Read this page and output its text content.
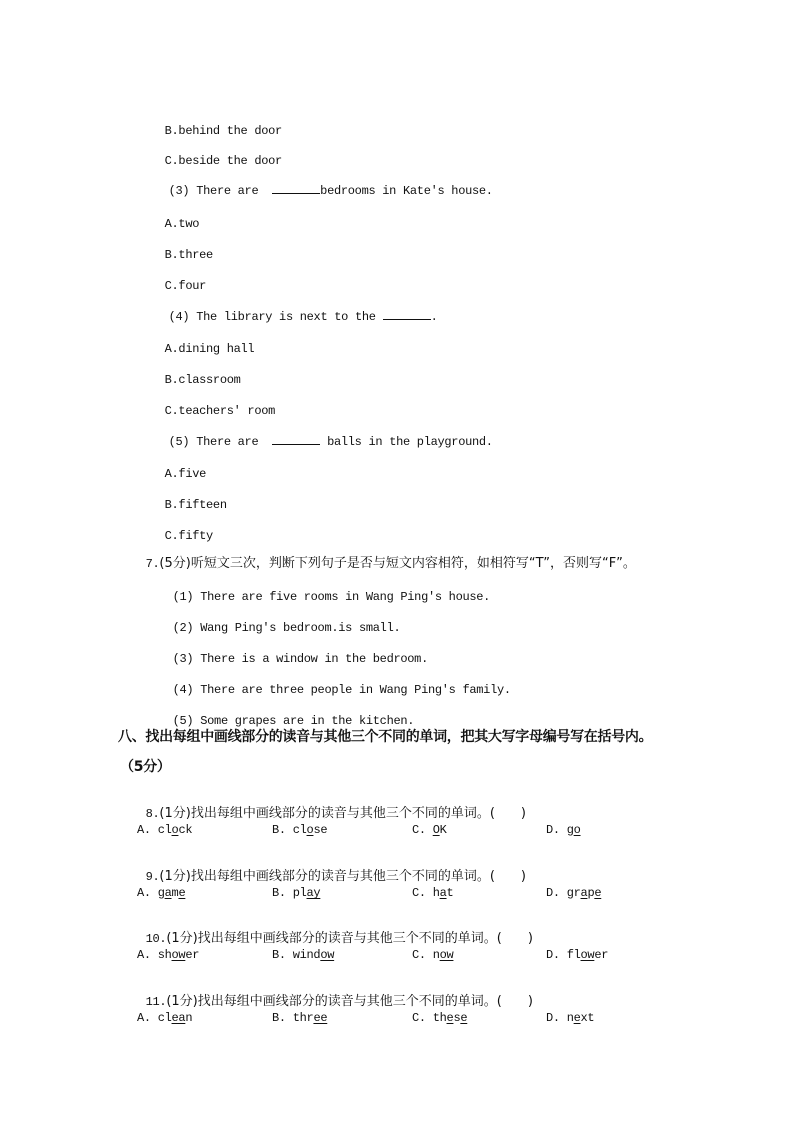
B.behind the door

C.beside the door

(3) There are	bedrooms in Kate's house.

A.two

B.three

C.four

(4) The library is next to the	.

A.dining hall

B.classroom

C.teachers' room

(5) There are	balls in the playground.

A.five

B.fifteen

C.fifty

7.(5分)听短文三次，判断下列句子是否与短文内容相符，如相符写“T”，否则写“F”。

(1) There are five rooms in Wang Ping's house.

(2) Wang Ping's bedroom.is small.

(3) There is a window in the bedroom.

(4) There are three people in Wang Ping's family.

(5) Some grapes are in the kitchen.

八、找出每组中画线部分的读音与其他三个不同的单词，把其大写字母编号写在括号内。
（5分）

8.(1分)找出每组中画线部分的读音与其他三个不同的单词。( )

A. clock	B. close	C. OK	D. go

9.(1分)找出每组中画线部分的读音与其他三个不同的单词。( )

A. game	B. play	C. hat	D. grape

10.(1分)找出每组中画线部分的读音与其他三个不同的单词。( )

A. shower	B. window	C. now	D. flower

11.(1分)找出每组中画线部分的读音与其他三个不同的单词。( )

A. clean	B. three	C. these	D. next
